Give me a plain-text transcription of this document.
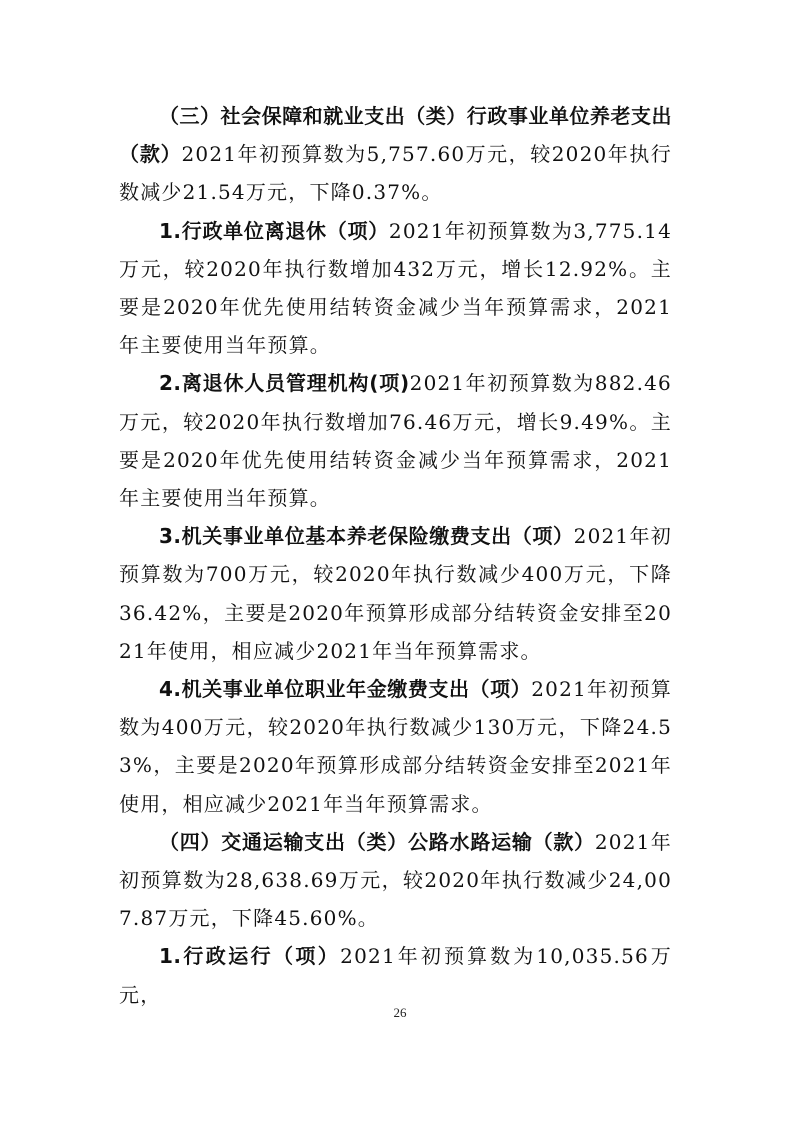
（三）社会保障和就业支出（类）行政事业单位养老支出（款）2021年初预算数为5,757.60万元，较2020年执行数减少21.54万元，下降0.37%。

1.行政单位离退休（项）2021年初预算数为3,775.14万元，较2020年执行数增加432万元，增长12.92%。主要是2020年优先使用结转资金减少当年预算需求，2021年主要使用当年预算。

2.离退休人员管理机构(项)2021年初预算数为882.46万元，较2020年执行数增加76.46万元，增长9.49%。主要是2020年优先使用结转资金减少当年预算需求，2021年主要使用当年预算。

3.机关事业单位基本养老保险缴费支出（项）2021年初预算数为700万元，较2020年执行数减少400万元，下降36.42%，主要是2020年预算形成部分结转资金安排至2021年使用，相应减少2021年当年预算需求。

4.机关事业单位职业年金缴费支出（项）2021年初预算数为400万元，较2020年执行数减少130万元，下降24.53%，主要是2020年预算形成部分结转资金安排至2021年使用，相应减少2021年当年预算需求。

（四）交通运输支出（类）公路水路运输（款）2021年初预算数为28,638.69万元，较2020年执行数减少24,007.87万元，下降45.60%。

1.行政运行（项）2021年初预算数为10,035.56万元，

26
